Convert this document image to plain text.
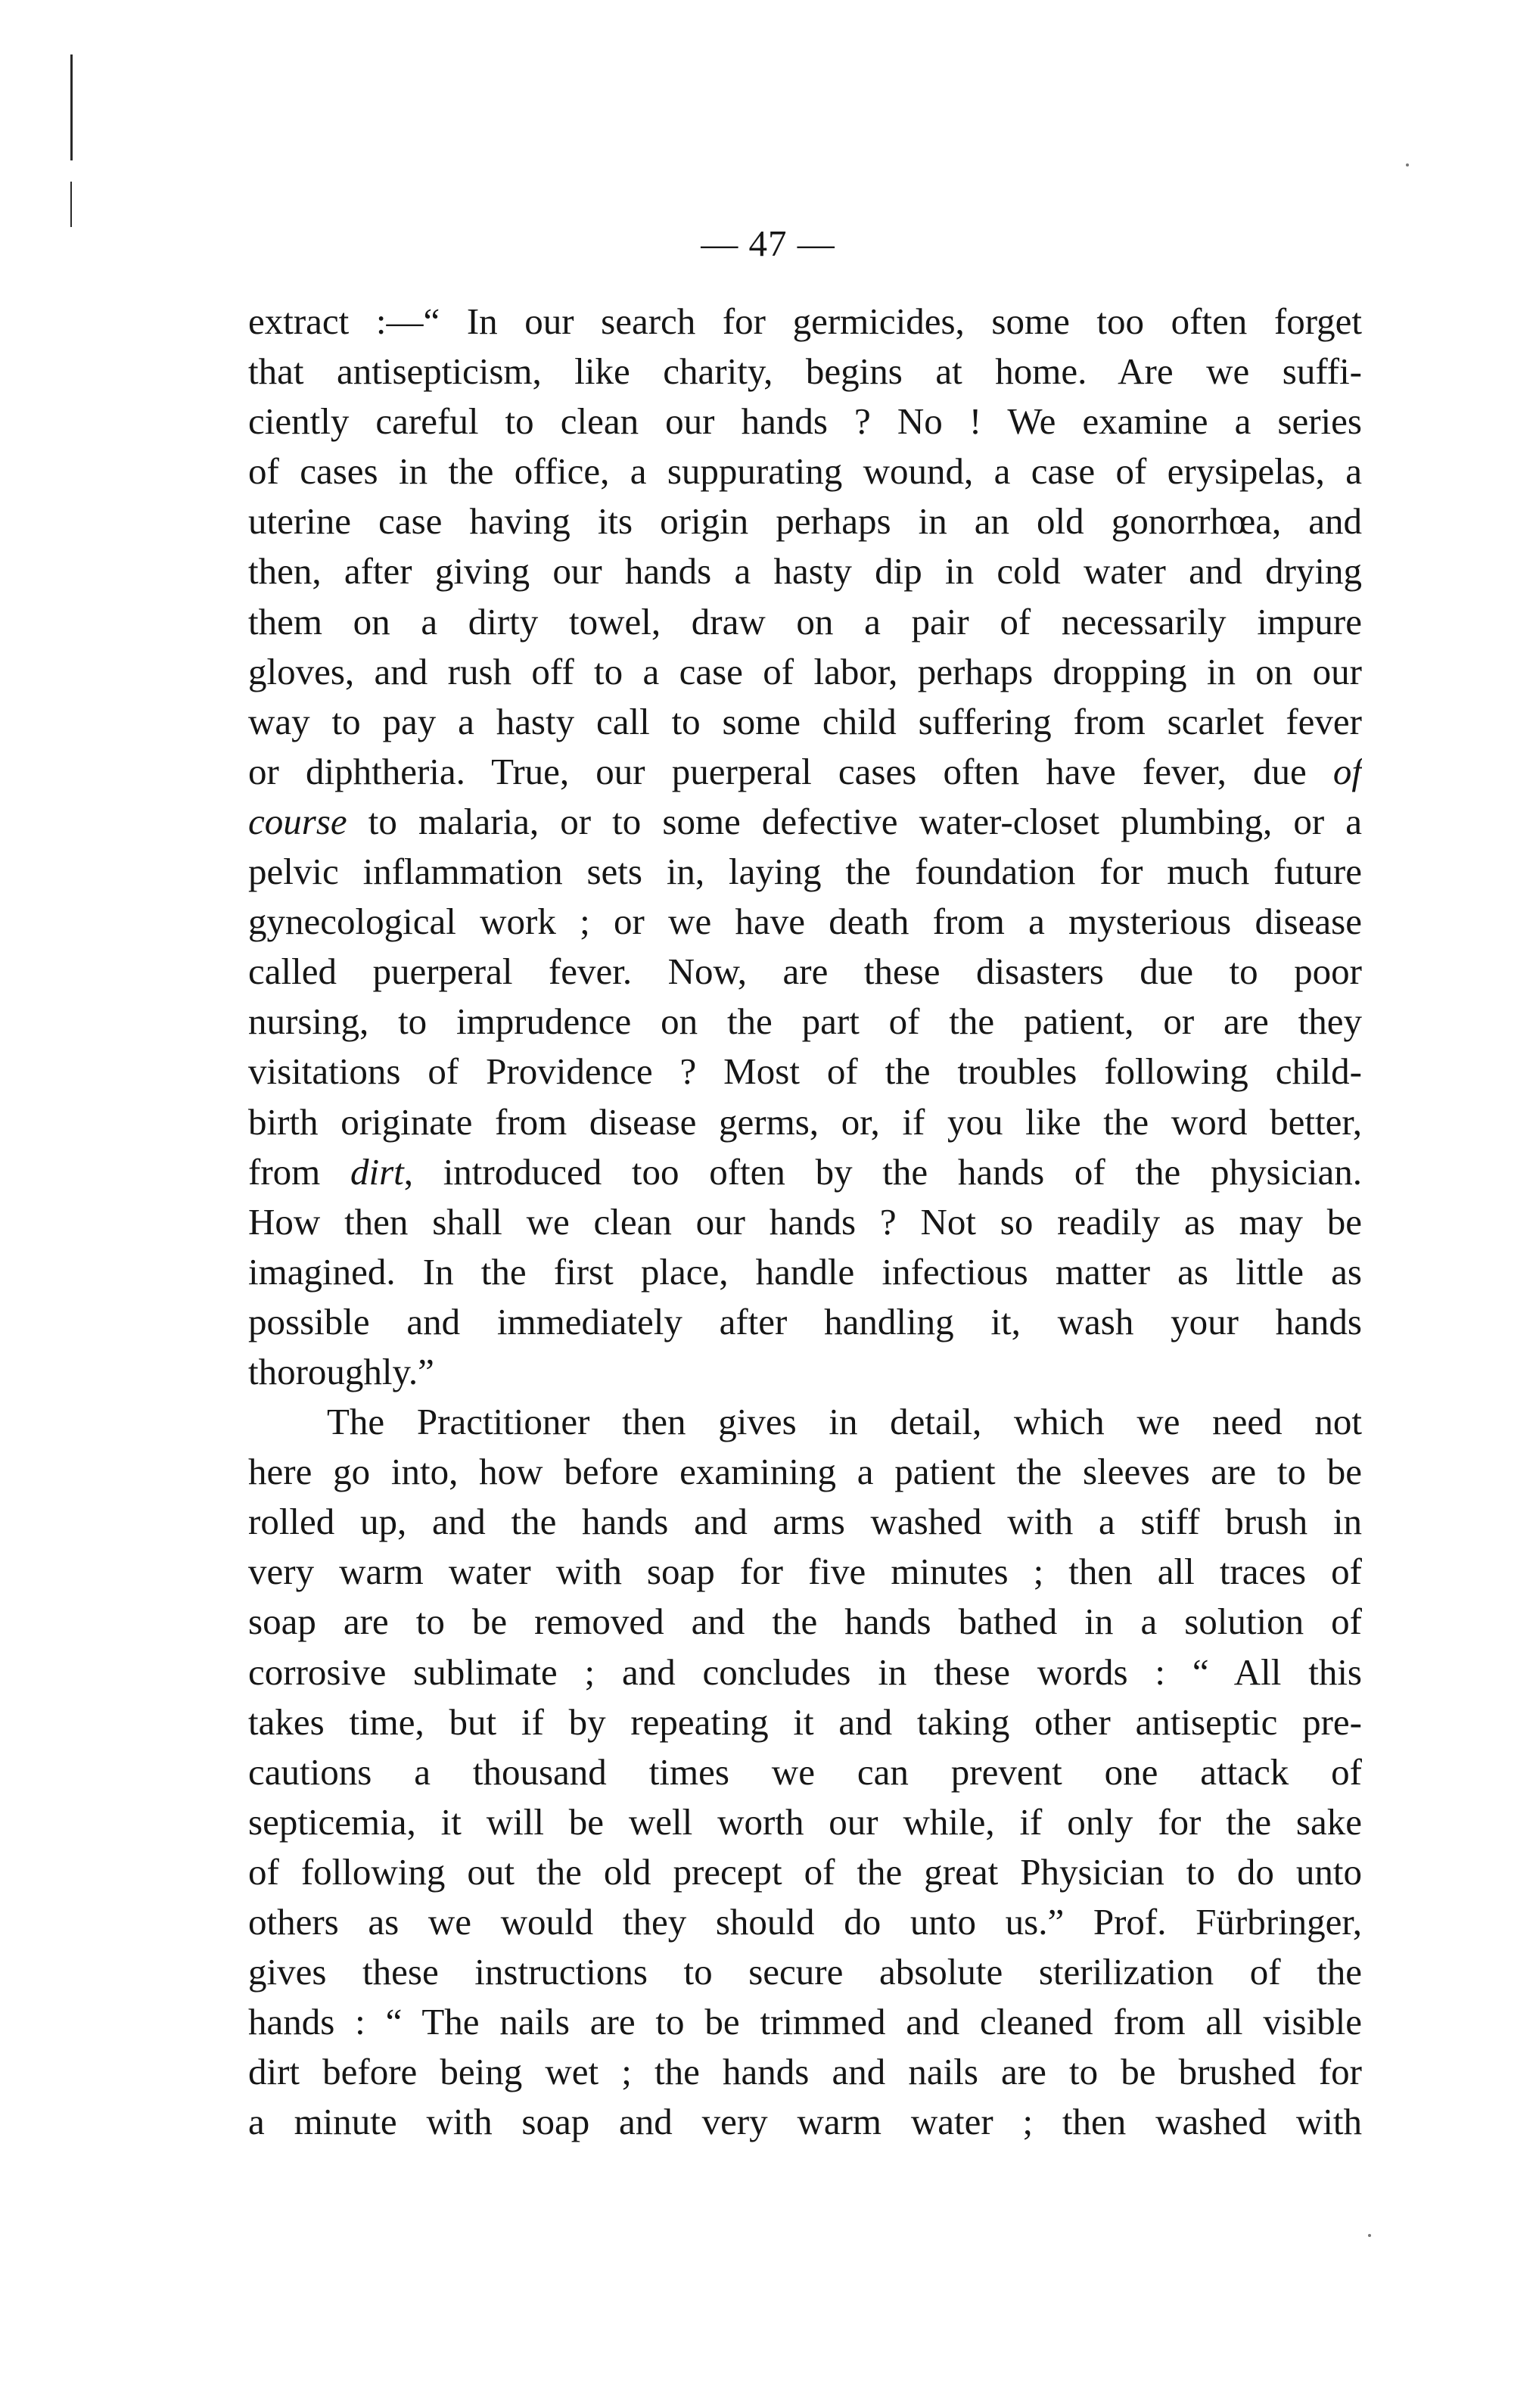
— 47 —
extract :—“ In our search for germicides, some too often forget
that antisepticism, like charity, begins at home. Are we suffi-
ciently careful to clean our hands ? No ! We examine a series
of cases in the office, a suppurating wound, a case of erysipelas, a
uterine case having its origin perhaps in an old gonorrhœa, and
then, after giving our hands a hasty dip in cold water and drying
them on a dirty towel, draw on a pair of necessarily impure
gloves, and rush off to a case of labor, perhaps dropping in on our
way to pay a hasty call to some child suffering from scarlet fever
or diphtheria. True, our puerperal cases often have fever, due of
course to malaria, or to some defective water-closet plumbing, or a
pelvic inflammation sets in, laying the foundation for much future
gynecological work ; or we have death from a mysterious disease
called puerperal fever. Now, are these disasters due to poor
nursing, to imprudence on the part of the patient, or are they
visitations of Providence ? Most of the troubles following child-
birth originate from disease germs, or, if you like the word better,
from dirt, introduced too often by the hands of the physician.
How then shall we clean our hands ? Not so readily as may be
imagined. In the first place, handle infectious matter as little as
possible and immediately after handling it, wash your hands
thoroughly.”
The Practitioner then gives in detail, which we need not
here go into, how before examining a patient the sleeves are to be
rolled up, and the hands and arms washed with a stiff brush in
very warm water with soap for five minutes ; then all traces of
soap are to be removed and the hands bathed in a solution of
corrosive sublimate ; and concludes in these words : “ All this
takes time, but if by repeating it and taking other antiseptic pre-
cautions a thousand times we can prevent one attack of
septicemia, it will be well worth our while, if only for the sake
of following out the old precept of the great Physician to do unto
others as we would they should do unto us.” Prof. Fürbringer,
gives these instructions to secure absolute sterilization of the
hands : “ The nails are to be trimmed and cleaned from all visible
dirt before being wet ; the hands and nails are to be brushed for
a minute with soap and very warm water ; then washed with
